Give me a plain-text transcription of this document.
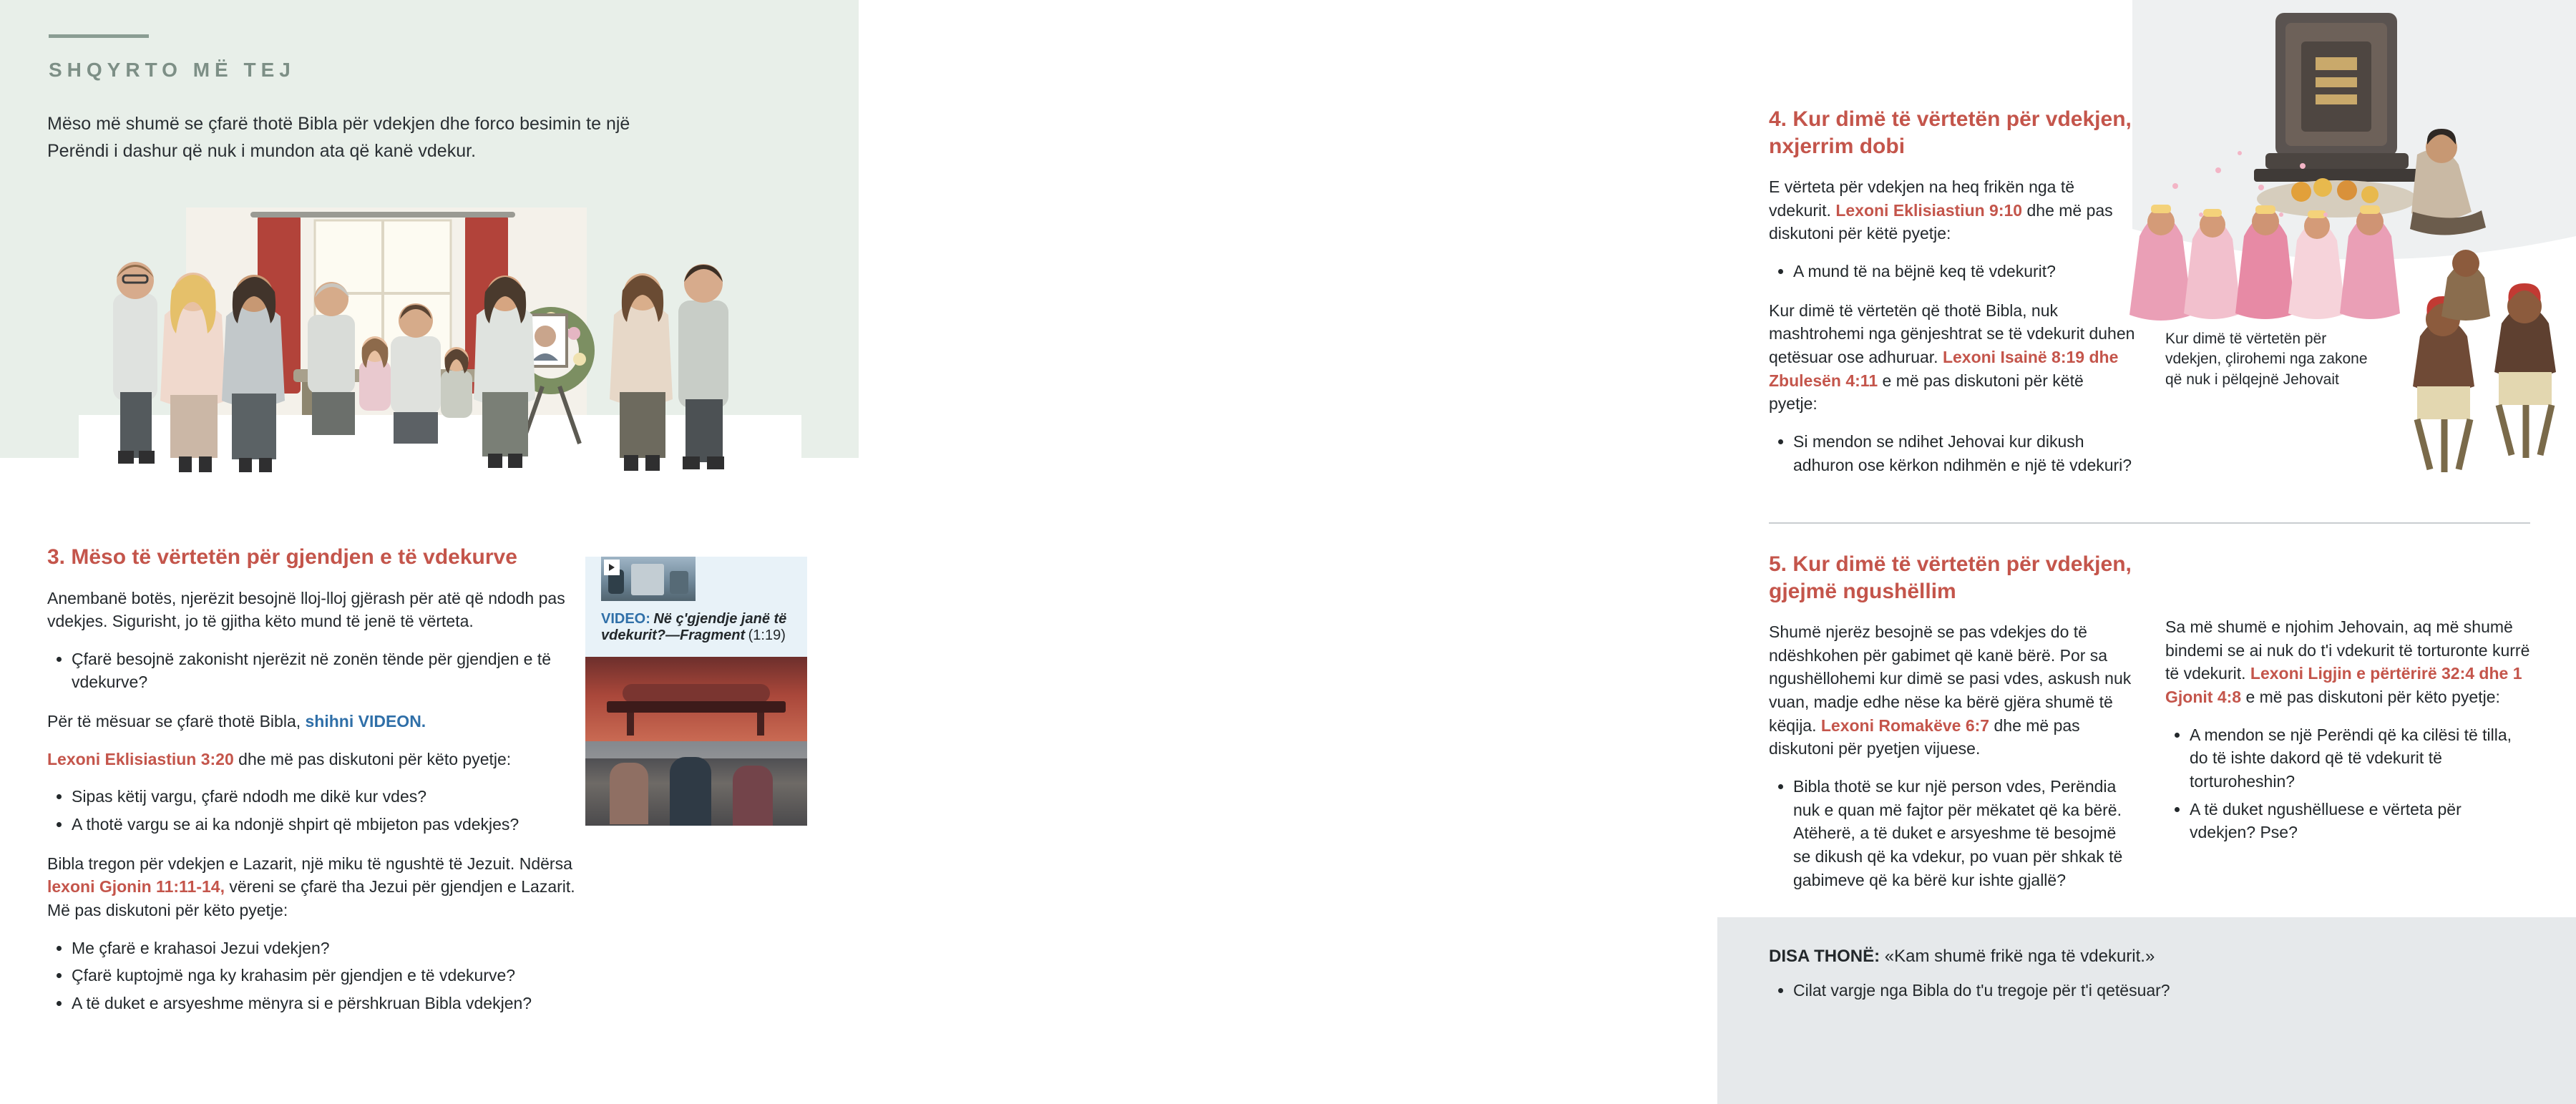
SHQYRTO MË TEJ
Mëso më shumë se çfarë thotë Bibla për vdekjen dhe forco besimin te një Perëndi i dashur që nuk i mundon ata që kanë vdekur.
3. Mëso të vërtetën për gjendjen e të vdekurve

Anembanë botës, njerëzit besojnë lloj-lloj gjërash për atë që ndodh pas vdekjes. Sigurisht, jo të gjitha këto mund të jenë të vërteta.

• Çfarë besojnë zakonisht njerëzit në zonën tënde për gjendjen e të vdekurve?

Për të mësuar se çfarë thotë Bibla, shihni VIDEON.

Lexoni Eklisiastiun 3:20 dhe më pas diskutoni për këto pyetje:

• Sipas këtij vargu, çfarë ndodh me dikë kur vdes?
• A thotë vargu se ai ka ndonjë shpirt që mbijeton pas vdekjes?

Bibla tregon për vdekjen e Lazarit, një miku të ngushtë të Jezuit. Ndërsa lexoni Gjonin 11:11-14, vëreni se çfarë tha Jezui për gjendjen e Lazarit. Më pas diskutoni për këto pyetje:

• Me çfarë e krahasoi Jezui vdekjen?
• Çfarë kuptojmë nga ky krahasim për gjendjen e të vdekurve?
• A të duket e arsyeshme mënyra si e përshkruan Bibla vdekjen?
VIDEO: Në ç'gjendje janë të vdekurit?—Fragment (1:19)
Kur dimë të vërtetën për vdekjen, çlirohemi nga zakone që nuk i pëlqejnë Jehovait
4. Kur dimë të vërtetën për vdekjen, nxjerrim dobi

E vërteta për vdekjen na heq frikën nga të vdekurit. Lexoni Eklisiastiun 9:10 dhe më pas diskutoni për këtë pyetje:

• A mund të na bëjnë keq të vdekurit?

Kur dimë të vërtetën që thotë Bibla, nuk mashtrohemi nga gënjeshtrat se të vdekurit duhen qetësuar ose adhuruar. Lexoni Isainë 8:19 dhe Zbulesën 4:11 e më pas diskutoni për këtë pyetje:

• Si mendon se ndihet Jehovai kur dikush adhuron ose kërkon ndihmën e një të vdekuri?
5. Kur dimë të vërtetën për vdekjen, gjejmë ngushëllim

Shumë njerëz besojnë se pas vdekjes do të ndëshkohen për gabimet që kanë bërë. Por sa ngushëllohemi kur dimë se pasi vdes, askush nuk vuan, madje edhe nëse ka bërë gjëra shumë të këqija. Lexoni Romakëve 6:7 dhe më pas diskutoni për pyetjen vijuese.

• Bibla thotë se kur një person vdes, Perëndia nuk e quan më fajtor për mëkatet që ka bërë. Atëherë, a të duket e arsyeshme të besojmë se dikush që ka vdekur, po vuan për shkak të gabimeve që ka bërë kur ishte gjallë?

Sa më shumë e njohim Jehovain, aq më shumë bindemi se ai nuk do t'i vdekurit të torturonte kurrë të vdekurit. Lexoni Ligjin e përtërirë 32:4 dhe 1 Gjonit 4:8 e më pas diskutoni për këto pyetje:

• A mendon se një Perëndi që ka cilësi të tilla, do të ishte dakord që të vdekurit të torturoheshin?
• A të duket ngushëlluese e vërteta për vdekjen? Pse?
DISA THONË: «Kam shumë frikë nga të vdekurit.»
• Cilat vargje nga Bibla do t'u tregoje për t'i qetësuar?
